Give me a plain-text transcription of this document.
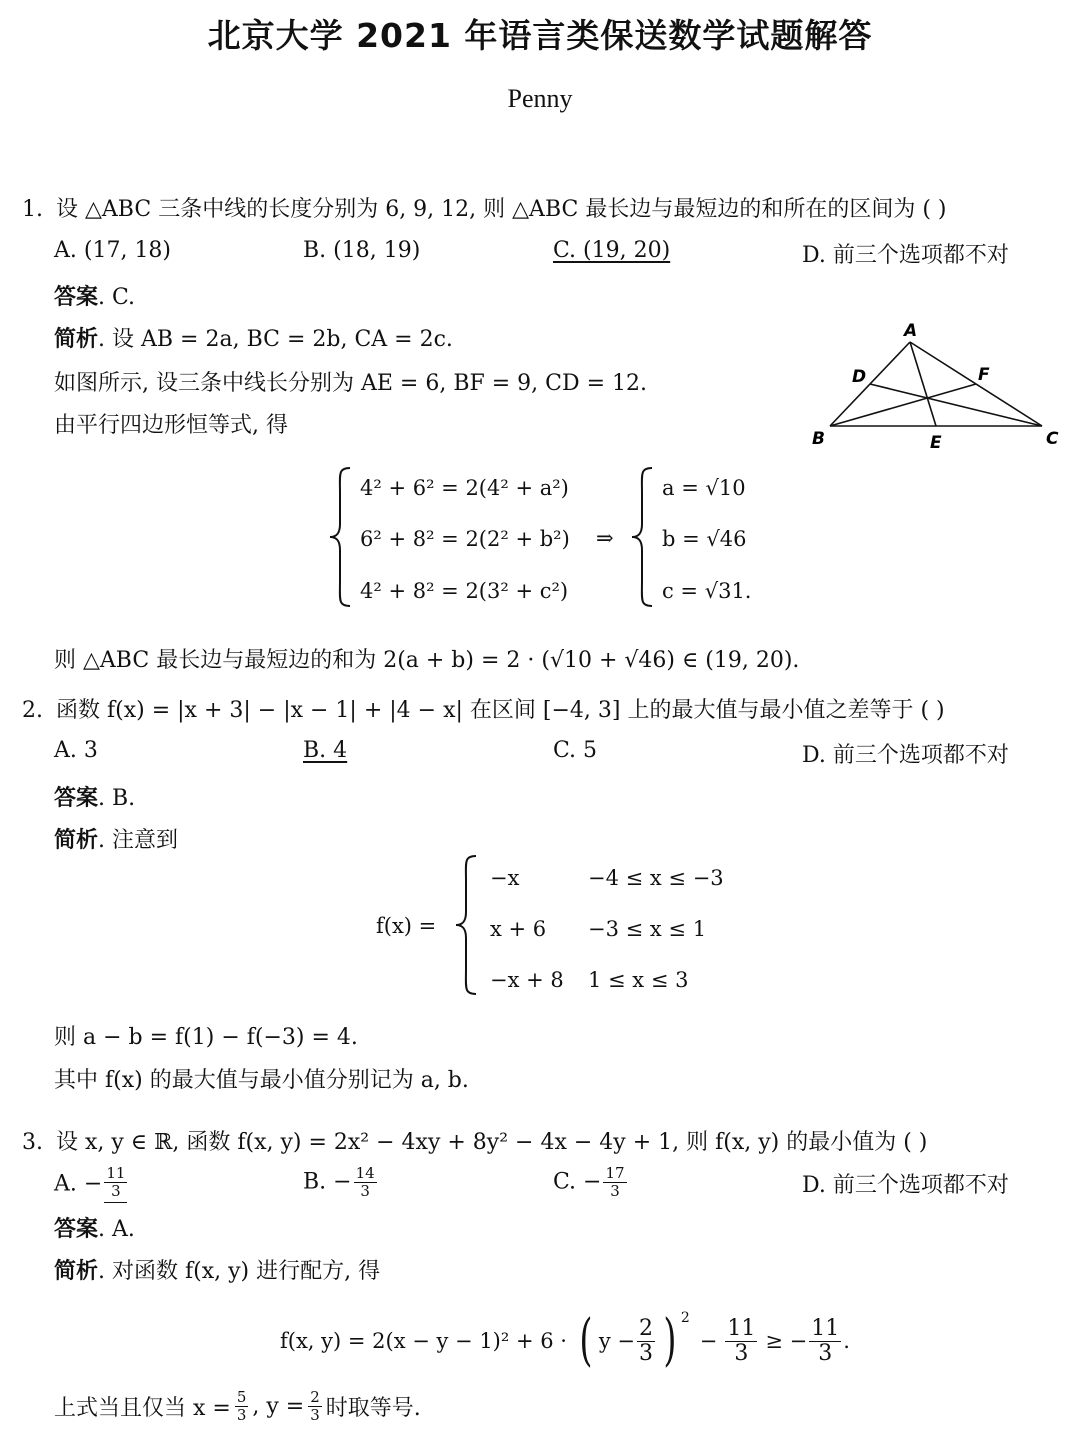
北京大学 2021 年语言类保送数学试题解答
Penny
1. 设 △ABC 三条中线的长度分别为 6, 9, 12, 则 △ABC 最长边与最短边的和所在的区间为 ( )
A. (17, 18)	B. (18, 19)	C. (19, 20)	D. 前三个选项都不对
答案. C.
简析. 设 AB = 2a, BC = 2b, CA = 2c.
如图所示, 设三条中线长分别为 AE = 6, BF = 9, CD = 12.
由平行四边形恒等式, 得
A
B	C
D
E
F
4² + 6² = 2(4² + a²)
6² + 8² = 2(2² + b²)
4² + 8² = 2(3² + c²)
⇒
a = √10
b = √46
c = √31.
则 △ABC 最长边与最短边的和为 2(a + b) = 2 · (√10 + √46) ∈ (19, 20).
2. 函数 f(x) = |x + 3| − |x − 1| + |4 − x| 在区间 [−4, 3] 上的最大值与最小值之差等于 ( )
A. 3	B. 4	C. 5	D. 前三个选项都不对
答案. B.
简析. 注意到
f(x) =
−x	−4 ≤ x ≤ −3
x + 6 −3 ≤ x ≤ 1
−x + 8 1 ≤ x ≤ 3
则 a − b = f(1) − f(−3) = 4.
其中 f(x) 的最大值与最小值分别记为 a, b.
3. 设 x, y ∈ ℝ, 函数 f(x, y) = 2x² − 4xy + 8y² − 4x − 4y + 1, 则 f(x, y) 的最小值为 ( )
A. − $\frac{11}{3}$	B. − $\frac{14}{3}$	C. − $\frac{17}{3}$	D. 前三个选项都不对
答案. A.
简析. 对函数 f(x, y) 进行配方, 得
f(x, y) = 2(x − y − 1)² + 6 · ( $y - \frac{2}{3}$ ) 2
− $\frac{11}{3}$ ≥ − $\frac{11}{3}$ .
上式当且仅当 $x = \frac{5}{3}$ , $y = \frac{2}{3}$ 时取等号.
